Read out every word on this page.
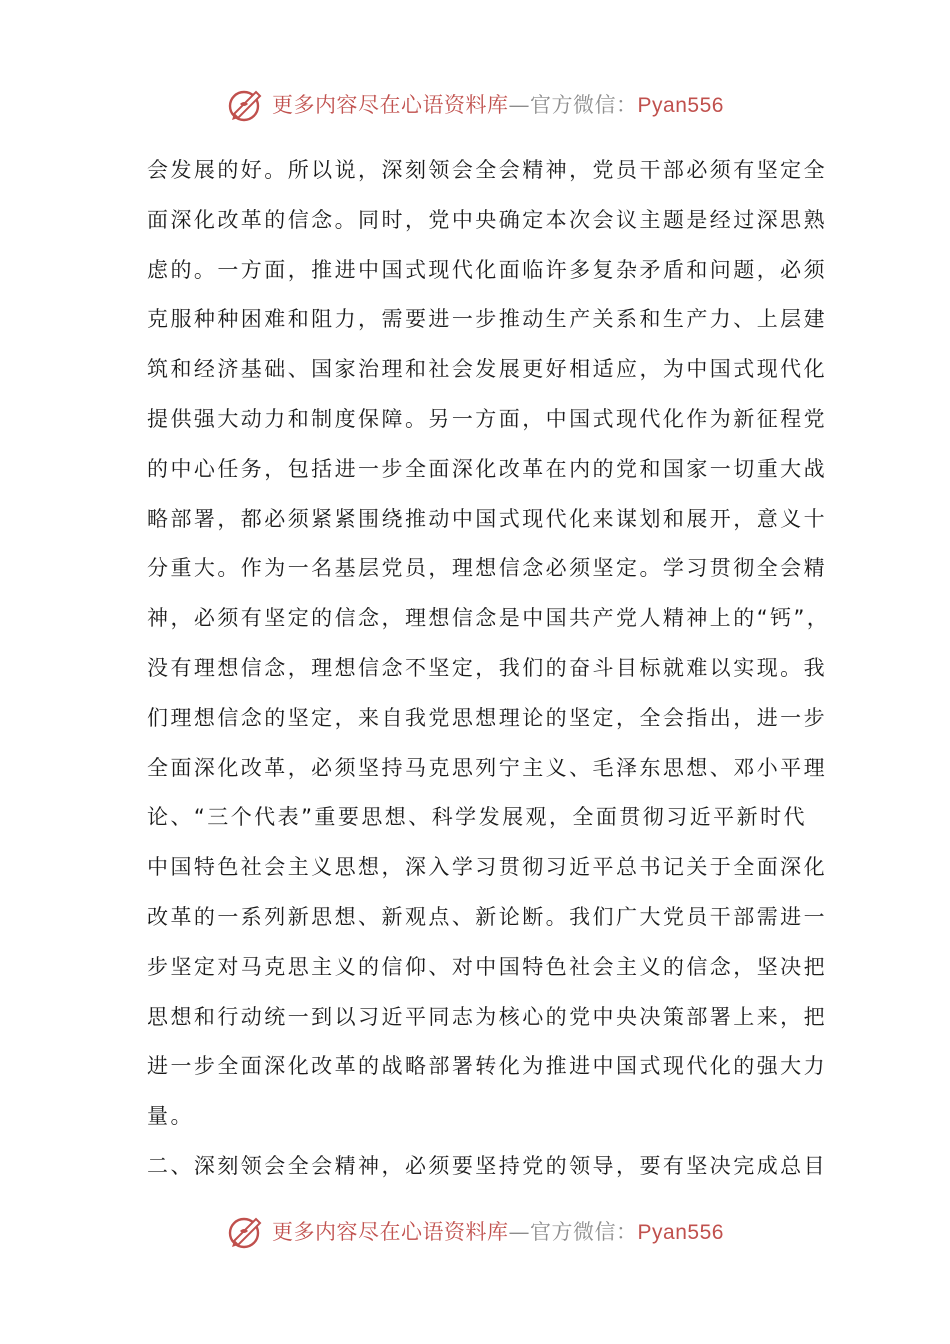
更多内容尽在心语资料库—官方微信：Pyan556
会发展的好。所以说，深刻领会全会精神，党员干部必须有坚定全
面深化改革的信念。同时，党中央确定本次会议主题是经过深思熟
虑的。一方面，推进中国式现代化面临许多复杂矛盾和问题，必须
克服种种困难和阻力，需要进一步推动生产关系和生产力、上层建
筑和经济基础、国家治理和社会发展更好相适应，为中国式现代化
提供强大动力和制度保障。另一方面，中国式现代化作为新征程党
的中心任务，包括进一步全面深化改革在内的党和国家一切重大战
略部署，都必须紧紧围绕推动中国式现代化来谋划和展开，意义十
分重大。作为一名基层党员，理想信念必须坚定。学习贯彻全会精
神，必须有坚定的信念，理想信念是中国共产党人精神上的“钙”，
没有理想信念，理想信念不坚定，我们的奋斗目标就难以实现。我
们理想信念的坚定，来自我党思想理论的坚定，全会指出，进一步
全面深化改革，必须坚持马克思列宁主义、毛泽东思想、邓小平理
论、“三个代表”重要思想、科学发展观，全面贯彻习近平新时代
中国特色社会主义思想，深入学习贯彻习近平总书记关于全面深化
改革的一系列新思想、新观点、新论断。我们广大党员干部需进一
步坚定对马克思主义的信仰、对中国特色社会主义的信念，坚决把
思想和行动统一到以习近平同志为核心的党中央决策部署上来，把
进一步全面深化改革的战略部署转化为推进中国式现代化的强大力
量。
二、深刻领会全会精神，必须要坚持党的领导，要有坚决完成总目
更多内容尽在心语资料库—官方微信：Pyan556
